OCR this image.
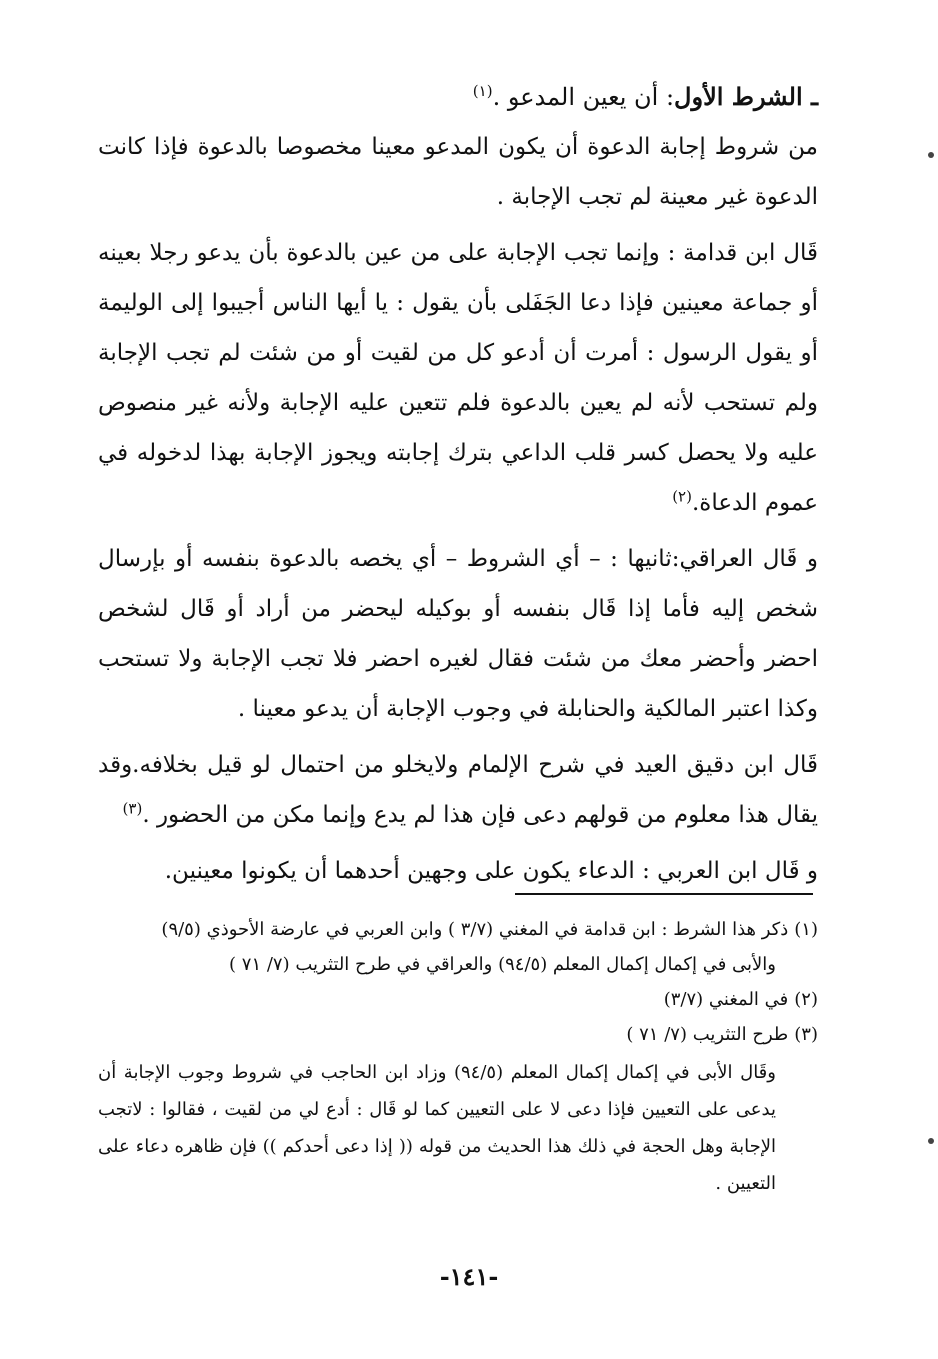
ـ الشرط الأول: أن يعين المدعو .$^{(١)}$

من شروط إجابة الدعوة أن يكون المدعو معينا مخصوصا بالدعوة فإذا كانت الدعوة غير معينة لم تجب الإجابة .

قَال ابن قدامة : وإنما تجب الإجابة على من عين بالدعوة بأن يدعو رجلا بعينه أو جماعة معينين فإذا دعا الجَفَلى بأن يقول : يا أيها الناس أجيبوا إلى الوليمة أو يقول الرسول : أمرت أن أدعو كل من لقيت أو من شئت لم تجب الإجابة ولم تستحب لأنه لم يعين بالدعوة فلم تتعين عليه الإجابة ولأنه غير منصوص عليه ولا يحصل كسر قلب الداعي بترك إجابته ويجوز الإجابة بهذا لدخوله في عموم الدعاة.$^{(٢)}$

و قَال العراقي:ثانيها : – أي الشروط – أي يخصه بالدعوة بنفسه أو بإرسال شخص إليه فأما إذا قَال بنفسه أو بوكيله ليحضر من أراد أو قَال لشخص احضر وأحضر معك من شئت فقال لغيره احضر فلا تجب الإجابة ولا تستحب وكذا اعتبر المالكية والحنابلة في وجوب الإجابة أن يدعو معينا .

قَال ابن دقيق العيد في شرح الإلمام ولايخلو من احتمال لو قيل بخلافه.وقد يقال هذا معلوم من قولهم دعى فإن هذا لم يدع وإنما مكن من الحضور .$^{(٣)}$

و قَال ابن العربي : الدعاء يكون على وجهين أحدهما أن يكونوا معينين.

(١)ذكر هذا الشرط : ابن قدامة في المغني (٣/٧ ) وابن العربي في عارضة الأحوذي (٩/٥)

والأبى في إكمال إكمال المعلم (٩٤/٥) والعراقي في طرح التثريب (٧/ ٧١ )

(٢)في المغني (٣/٧)

(٣)طرح التثريب (٧/ ٧١ )

وقَال الأبى في إكمال إكمال المعلم (٩٤/٥) وزاد ابن الحاجب في شروط وجوب الإجابة أن يدعى على التعيين فإذا دعى لا على التعيين كما لو قَال : أدع لي من لقيت ، فقالوا : لاتجب الإجابة وهل الحجة في ذلك هذا الحديث من قوله (( إذا دعى أحدكم )) فإن ظاهره دعاء على التعيين .

-١٤١-
